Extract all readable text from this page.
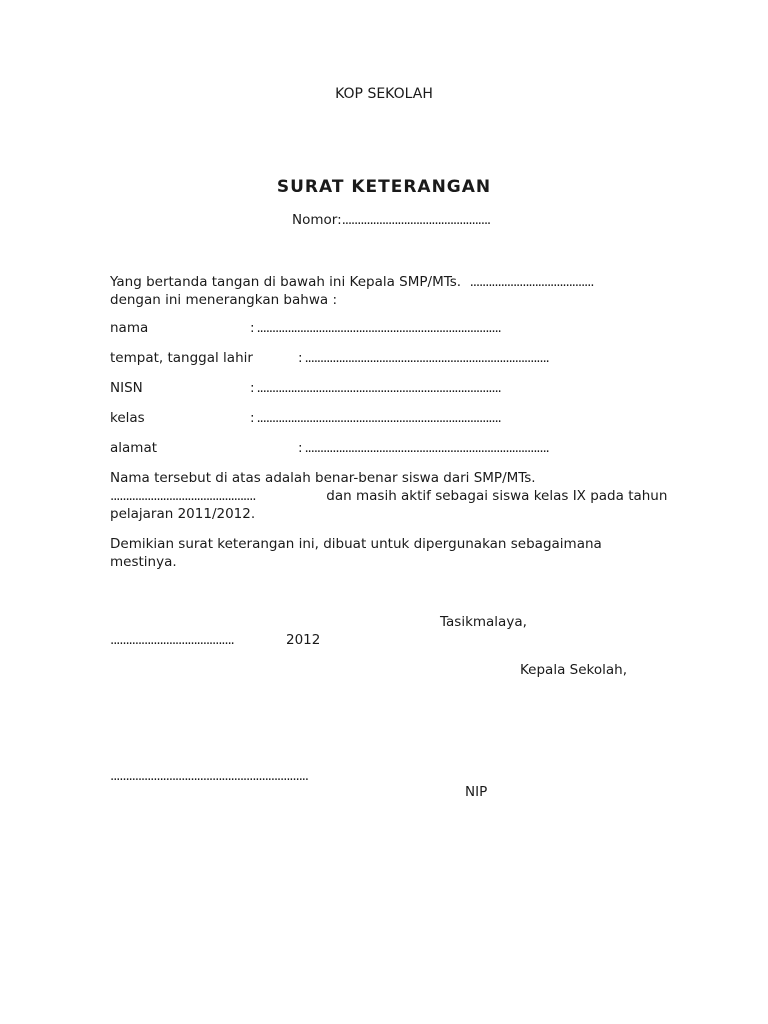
KOP SEKOLAH
SURAT KETERANGAN
Nomor:................................................
Yang bertanda tangan di bawah ini Kepala SMP/MTs. ........................................
dengan ini menerangkan bahwa :
nama	: ...............................................................................
tempat, tanggal lahir	: ...............................................................................
NISN	: ...............................................................................
kelas	: ...............................................................................
alamat	: ...............................................................................
Nama tersebut di atas adalah benar-benar siswa dari SMP/MTs.
...............................................	dan masih aktif sebagai siswa kelas IX pada tahun
pelajaran 2011/2012.
Demikian surat keterangan ini, dibuat untuk dipergunakan sebagaimana
mestinya.
Tasikmalaya,
........................................	2012
Kepala Sekolah,
................................................................
NIP
